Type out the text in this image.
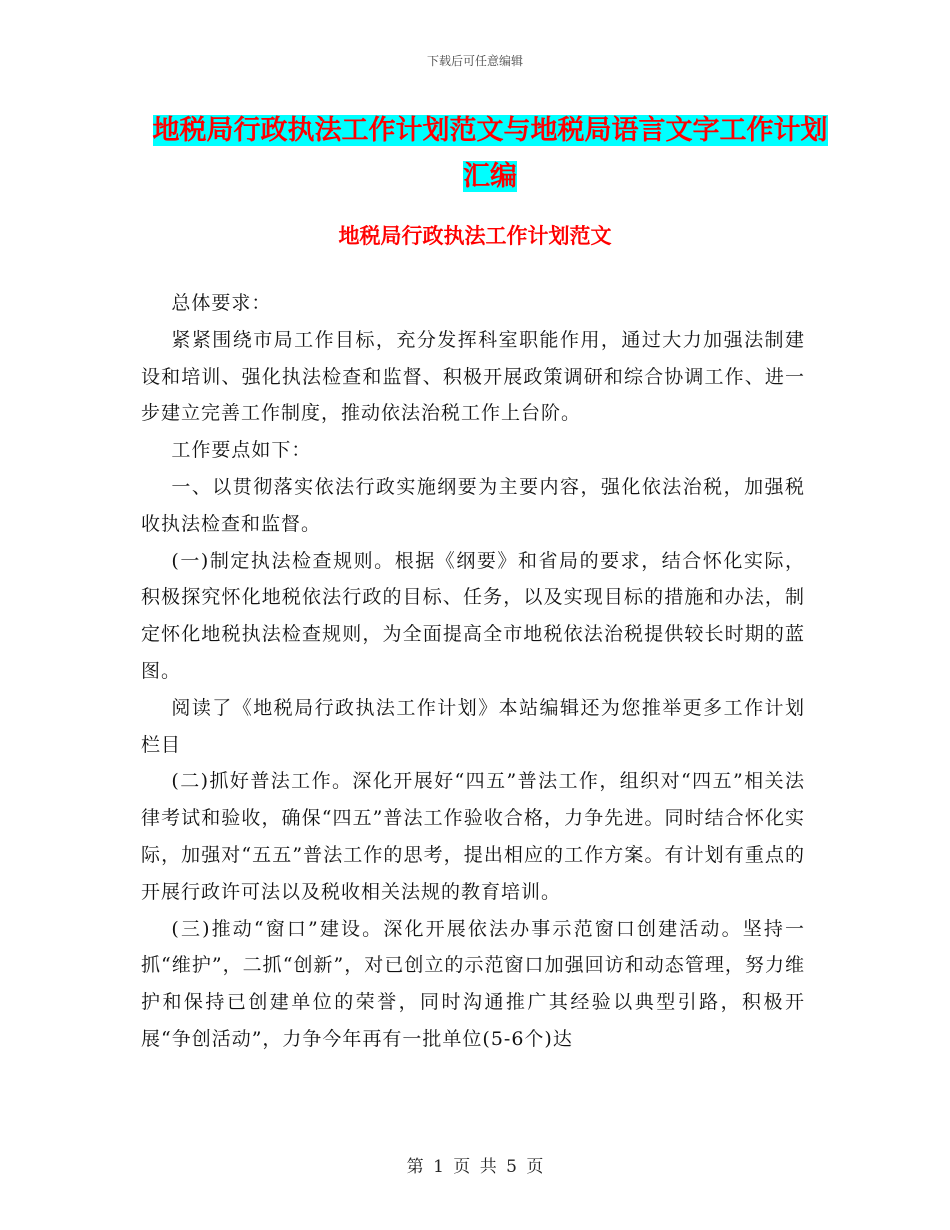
下载后可任意编辑
地税局行政执法工作计划范文与地税局语言文字工作计划汇编
地税局行政执法工作计划范文

总体要求：

紧紧围绕市局工作目标，充分发挥科室职能作用，通过大力加强法制建设和培训、强化执法检查和监督、积极开展政策调研和综合协调工作、进一步建立完善工作制度，推动依法治税工作上台阶。

工作要点如下：

一、以贯彻落实依法行政实施纲要为主要内容，强化依法治税，加强税收执法检查和监督。

(一)制定执法检查规则。根据《纲要》和省局的要求，结合怀化实际，积极探究怀化地税依法行政的目标、任务，以及实现目标的措施和办法，制定怀化地税执法检查规则，为全面提高全市地税依法治税提供较长时期的蓝图。

阅读了《地税局行政执法工作计划》本站编辑还为您推举更多工作计划栏目

(二)抓好普法工作。深化开展好“四五”普法工作，组织对“四五”相关法律考试和验收，确保“四五”普法工作验收合格，力争先进。同时结合怀化实际，加强对“五五”普法工作的思考，提出相应的工作方案。有计划有重点的开展行政许可法以及税收相关法规的教育培训。

(三)推动“窗口”建设。深化开展依法办事示范窗口创建活动。坚持一抓“维护”，二抓“创新”，对已创立的示范窗口加强回访和动态管理，努力维护和保持已创建单位的荣誉，同时沟通推广其经验以典型引路，积极开展“争创活动”，力争今年再有一批单位(5-6个)达

第 1 页 共 5 页
